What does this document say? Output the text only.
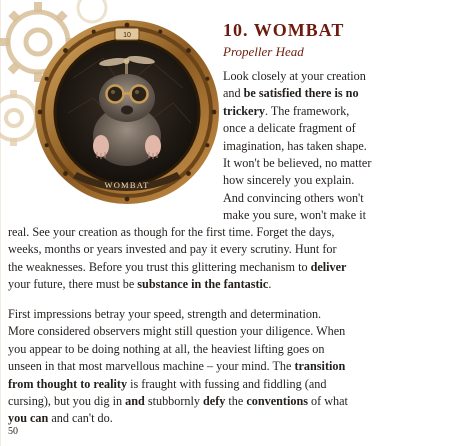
10
WOMBAT
10. WOMBAT
Propeller Head
Look closely at your creation
and be satisfied there is no
trickery. The framework,
once a delicate fragment of
imagination, has taken shape.
It won't be believed, no matter
how sincerely you explain.
And convincing others won't
make you sure, won't make it
real. See your creation as though for the first time. Forget the days,
weeks, months or years invested and pay it every scrutiny. Hunt for
the weaknesses. Before you trust this glittering mechanism to deliver
your future, there must be substance in the fantastic.
First impressions betray your speed, strength and determination.
More considered observers might still question your diligence. When
you appear to be doing nothing at all, the heaviest lifting goes on
unseen in that most marvellous machine – your mind. The transition
from thought to reality is fraught with fussing and fiddling (and
cursing), but you dig in and stubbornly defy the conventions of what
you can and can't do.
50
